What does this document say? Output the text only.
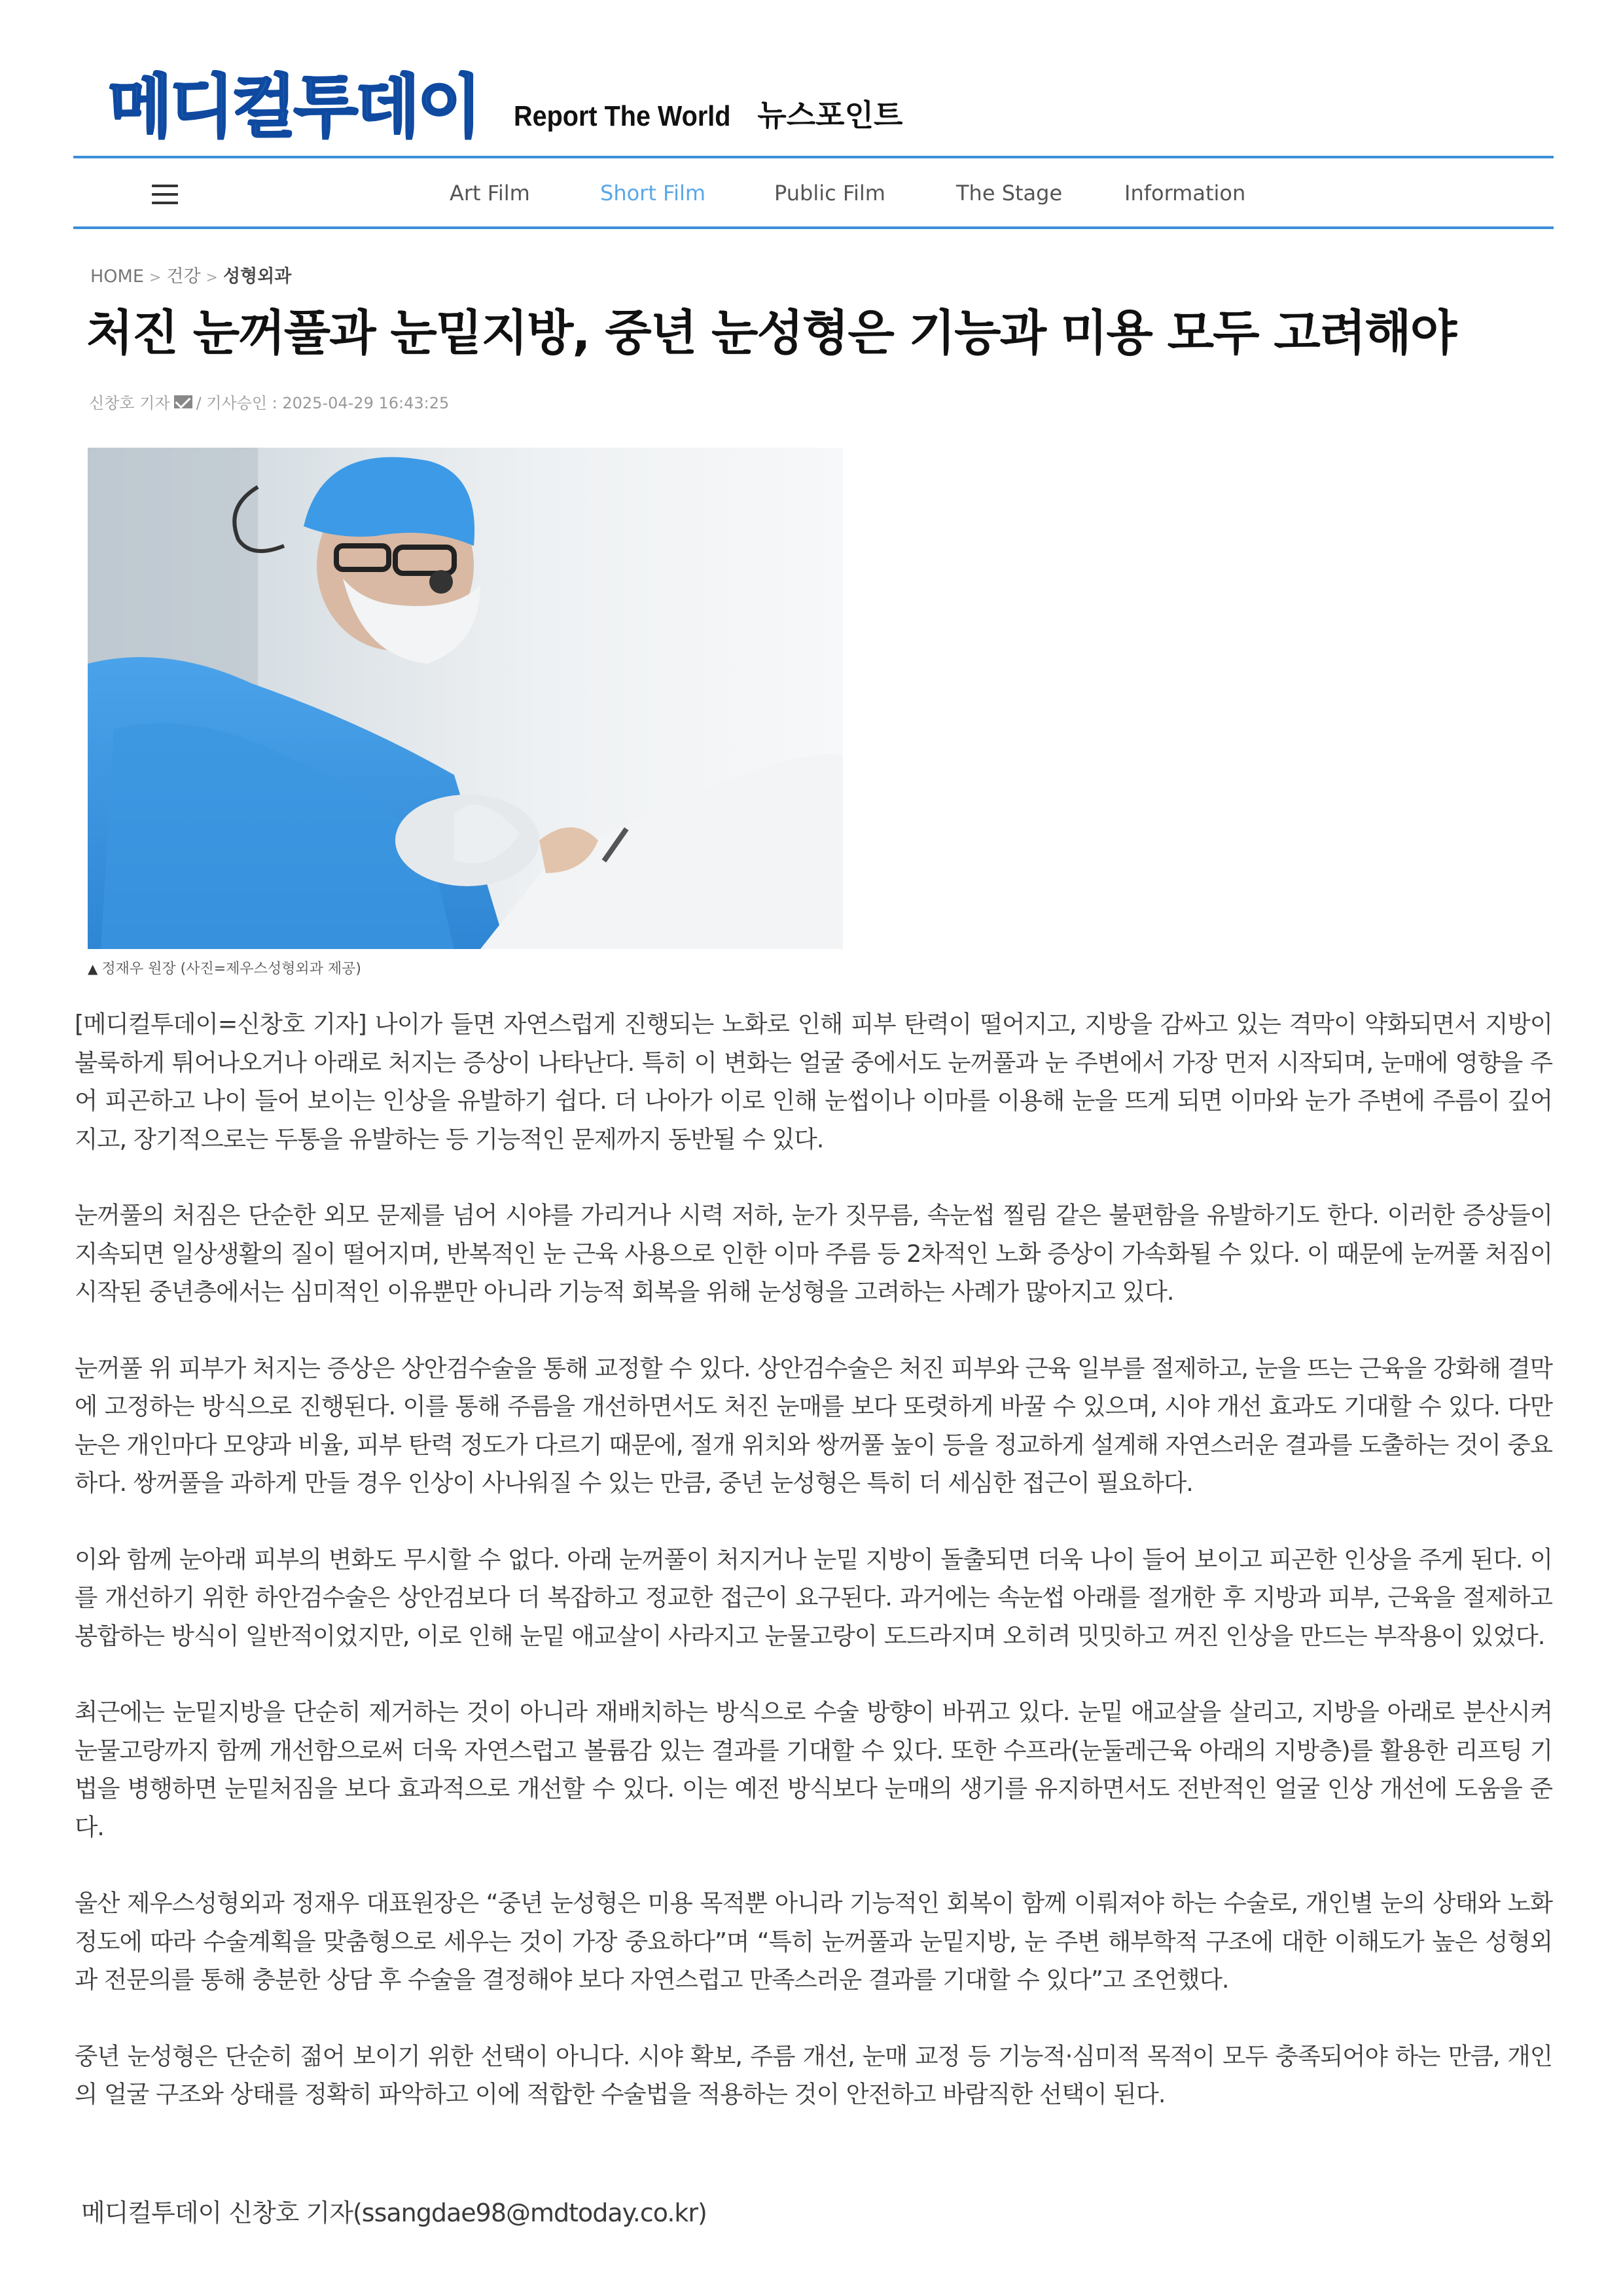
메디컬투데이 Report The World 뉴스포인트
Art Film	Short Film	Public Film	The Stage	Information
HOME > 건강 > 성형외과
처진 눈꺼풀과 눈밑지방, 중년 눈성형은 기능과 미용 모두 고려해야
신창호 기자 / 기사승인 : 2025-04-29 16:43:25
▲ 정재우 원장 (사진=제우스성형외과 제공)

[메디컬투데이=신창호 기자] 나이가 들면 자연스럽게 진행되는 노화로 인해 피부 탄력이 떨어지고, 지방을 감싸고 있는 격막이 약화되면서 지방이 불룩하게 튀어나오거나 아래로 처지는 증상이 나타난다. 특히 이 변화는 얼굴 중에서도 눈꺼풀과 눈 주변에서 가장 먼저 시작되며, 눈매에 영향을 주어 피곤하고 나이 들어 보이는 인상을 유발하기 쉽다. 더 나아가 이로 인해 눈썹이나 이마를 이용해 눈을 뜨게 되면 이마와 눈가 주변에 주름이 깊어지고, 장기적으로는 두통을 유발하는 등 기능적인 문제까지 동반될 수 있다.

눈꺼풀의 처짐은 단순한 외모 문제를 넘어 시야를 가리거나 시력 저하, 눈가 짓무름, 속눈썹 찔림 같은 불편함을 유발하기도 한다. 이러한 증상들이 지속되면 일상생활의 질이 떨어지며, 반복적인 눈 근육 사용으로 인한 이마 주름 등 2차적인 노화 증상이 가속화될 수 있다. 이 때문에 눈꺼풀 처짐이 시작된 중년층에서는 심미적인 이유뿐만 아니라 기능적 회복을 위해 눈성형을 고려하는 사례가 많아지고 있다.

눈꺼풀 위 피부가 처지는 증상은 상안검수술을 통해 교정할 수 있다. 상안검수술은 처진 피부와 근육 일부를 절제하고, 눈을 뜨는 근육을 강화해 결막에 고정하는 방식으로 진행된다. 이를 통해 주름을 개선하면서도 처진 눈매를 보다 또렷하게 바꿀 수 있으며, 시야 개선 효과도 기대할 수 있다. 다만 눈은 개인마다 모양과 비율, 피부 탄력 정도가 다르기 때문에, 절개 위치와 쌍꺼풀 높이 등을 정교하게 설계해 자연스러운 결과를 도출하는 것이 중요하다. 쌍꺼풀을 과하게 만들 경우 인상이 사나워질 수 있는 만큼, 중년 눈성형은 특히 더 세심한 접근이 필요하다.

이와 함께 눈아래 피부의 변화도 무시할 수 없다. 아래 눈꺼풀이 처지거나 눈밑 지방이 돌출되면 더욱 나이 들어 보이고 피곤한 인상을 주게 된다. 이를 개선하기 위한 하안검수술은 상안검보다 더 복잡하고 정교한 접근이 요구된다. 과거에는 속눈썹 아래를 절개한 후 지방과 피부, 근육을 절제하고 봉합하는 방식이 일반적이었지만, 이로 인해 눈밑 애교살이 사라지고 눈물고랑이 도드라지며 오히려 밋밋하고 꺼진 인상을 만드는 부작용이 있었다.

최근에는 눈밑지방을 단순히 제거하는 것이 아니라 재배치하는 방식으로 수술 방향이 바뀌고 있다. 눈밑 애교살을 살리고, 지방을 아래로 분산시켜 눈물고랑까지 함께 개선함으로써 더욱 자연스럽고 볼륨감 있는 결과를 기대할 수 있다. 또한 수프라(눈둘레근육 아래의 지방층)를 활용한 리프팅 기법을 병행하면 눈밑처짐을 보다 효과적으로 개선할 수 있다. 이는 예전 방식보다 눈매의 생기를 유지하면서도 전반적인 얼굴 인상 개선에 도움을 준다.

울산 제우스성형외과 정재우 대표원장은 “중년 눈성형은 미용 목적뿐 아니라 기능적인 회복이 함께 이뤄져야 하는 수술로, 개인별 눈의 상태와 노화 정도에 따라 수술계획을 맞춤형으로 세우는 것이 가장 중요하다”며 “특히 눈꺼풀과 눈밑지방, 눈 주변 해부학적 구조에 대한 이해도가 높은 성형외과 전문의를 통해 충분한 상담 후 수술을 결정해야 보다 자연스럽고 만족스러운 결과를 기대할 수 있다”고 조언했다.

중년 눈성형은 단순히 젊어 보이기 위한 선택이 아니다. 시야 확보, 주름 개선, 눈매 교정 등 기능적·심미적 목적이 모두 충족되어야 하는 만큼, 개인의 얼굴 구조와 상태를 정확히 파악하고 이에 적합한 수술법을 적용하는 것이 안전하고 바람직한 선택이 된다.

메디컬투데이 신창호 기자(ssangdae98@mdtoday.co.kr)
